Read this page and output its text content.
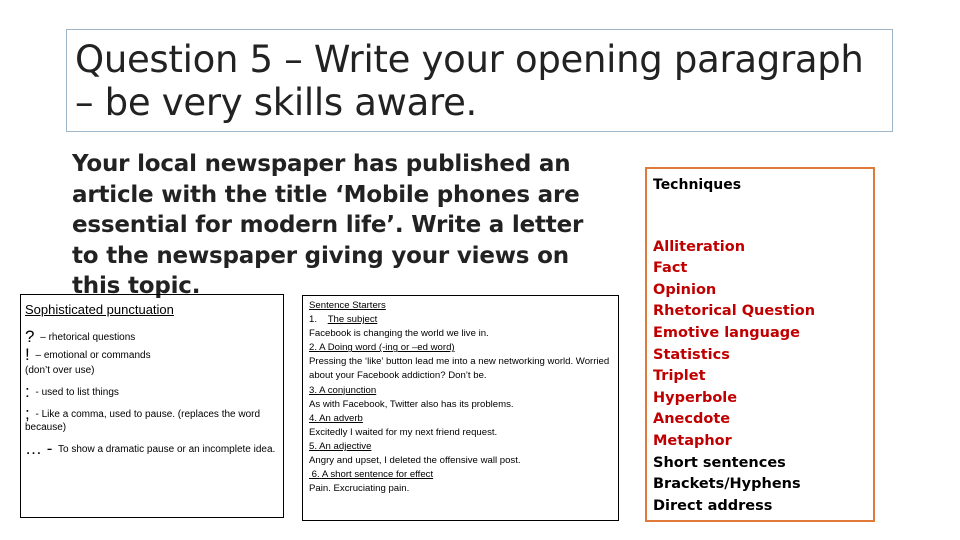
Question 5 – Write your opening paragraph – be very skills aware.
Your local newspaper has published an article with the title ‘Mobile phones are essential for modern life’. Write a letter to the newspaper giving your views on this topic.
Sophisticated punctuation
? – rhetorical questions
! – emotional or commands
(don’t over use)
: - used to list things
; - Like a comma, used to pause. (replaces the word because)
… - To show a dramatic pause or an incomplete idea.
Sentence Starters
1. The subject
Facebook is changing the world we live in.
2. A Doing word (-ing or –ed word)
Pressing the ‘like’ button lead me into a new networking world. Worried about your Facebook addiction? Don’t be.
3. A conjunction
As with Facebook, Twitter also has its problems.
4. An adverb
Excitedly I waited for my next friend request.
5. An adjective
Angry and upset, I deleted the offensive wall post.
6. A short sentence for effect
Pain. Excruciating pain.
Techniques
Alliteration
Fact
Opinion
Rhetorical Question
Emotive language
Statistics
Triplet
Hyperbole
Anecdote
Metaphor
Short sentences
Brackets/Hyphens
Direct address
